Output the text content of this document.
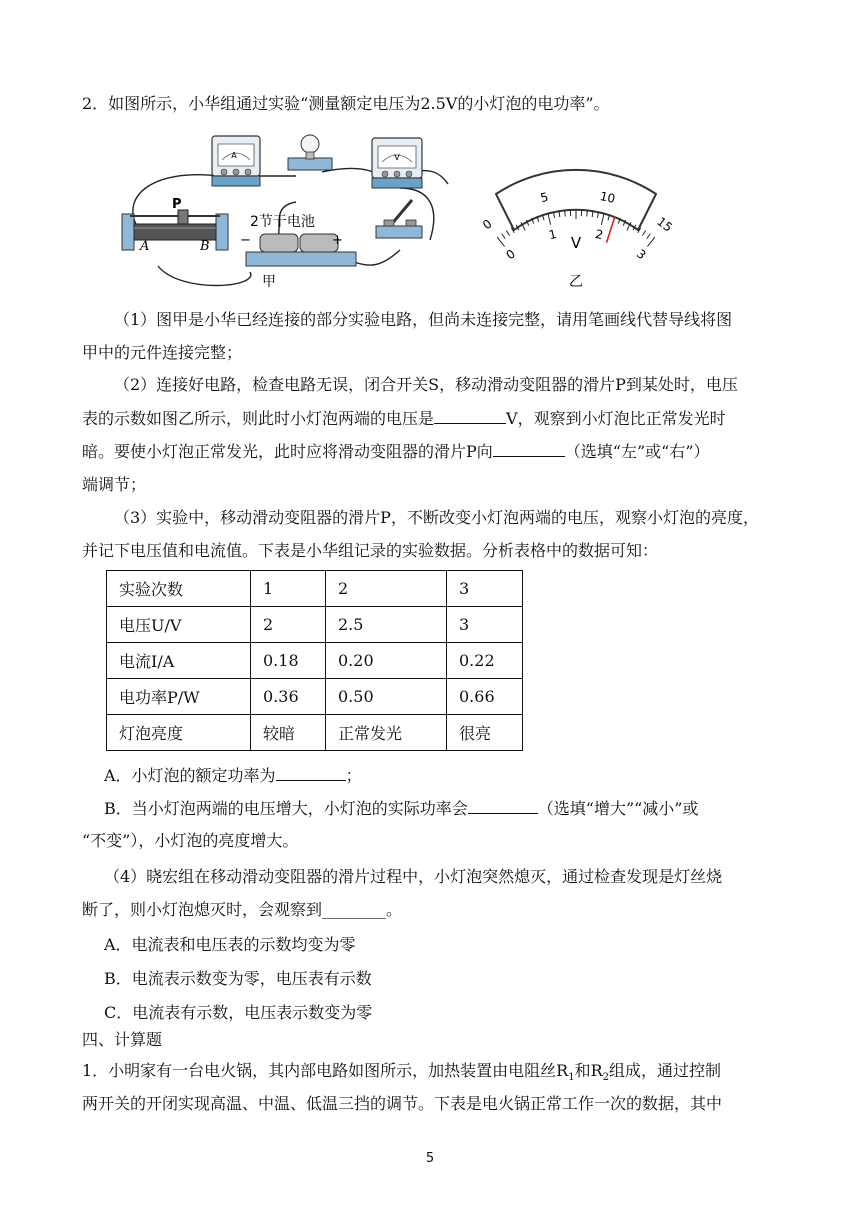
2．如图所示，小华组通过实验“测量额定电压为2.5V的小灯泡的电功率”。
A	V
P
A	B
2节干电池
−	+
甲
0
5	10
15
0
1	2
3
V
乙
（1）图甲是小华已经连接的部分实验电路，但尚未连接完整，请用笔画线代替导线将图
甲中的元件连接完整；
（2）连接好电路，检查电路无误，闭合开关S，移动滑动变阻器的滑片P到某处时，电压
表的示数如图乙所示，则此时小灯泡两端的电压是	V，观察到小灯泡比正常发光时
暗。要使小灯泡正常发光，此时应将滑动变阻器的滑片P向	（选填“左”或“右”）
端调节；
（3）实验中，移动滑动变阻器的滑片P，不断改变小灯泡两端的电压，观察小灯泡的亮度，
并记下电压值和电流值。下表是小华组记录的实验数据。分析表格中的数据可知：
实验次数	1	2	3
电压U/V	2	2.5	3
电流I/A	0.18	0.20	0.22
电功率P/W	0.36	0.50	0.66
灯泡亮度	较暗	正常发光	很亮
A．小灯泡的额定功率为	；
B．当小灯泡两端的电压增大，小灯泡的实际功率会	（选填“增大”“减小”或
“不变”），小灯泡的亮度增大。
（4）晓宏组在移动滑动变阻器的滑片过程中，小灯泡突然熄灭，通过检查发现是灯丝烧
断了，则小灯泡熄灭时，会观察到________。
A．电流表和电压表的示数均变为零
B．电流表示数变为零，电压表有示数
C．电流表有示数，电压表示数变为零
四、计算题
1．小明家有一台电火锅，其内部电路如图所示，加热装置由电阻丝$R_1$和$R_2$组成，通过控制
两开关的开闭实现高温、中温、低温三挡的调节。下表是电火锅正常工作一次的数据，其中
5
